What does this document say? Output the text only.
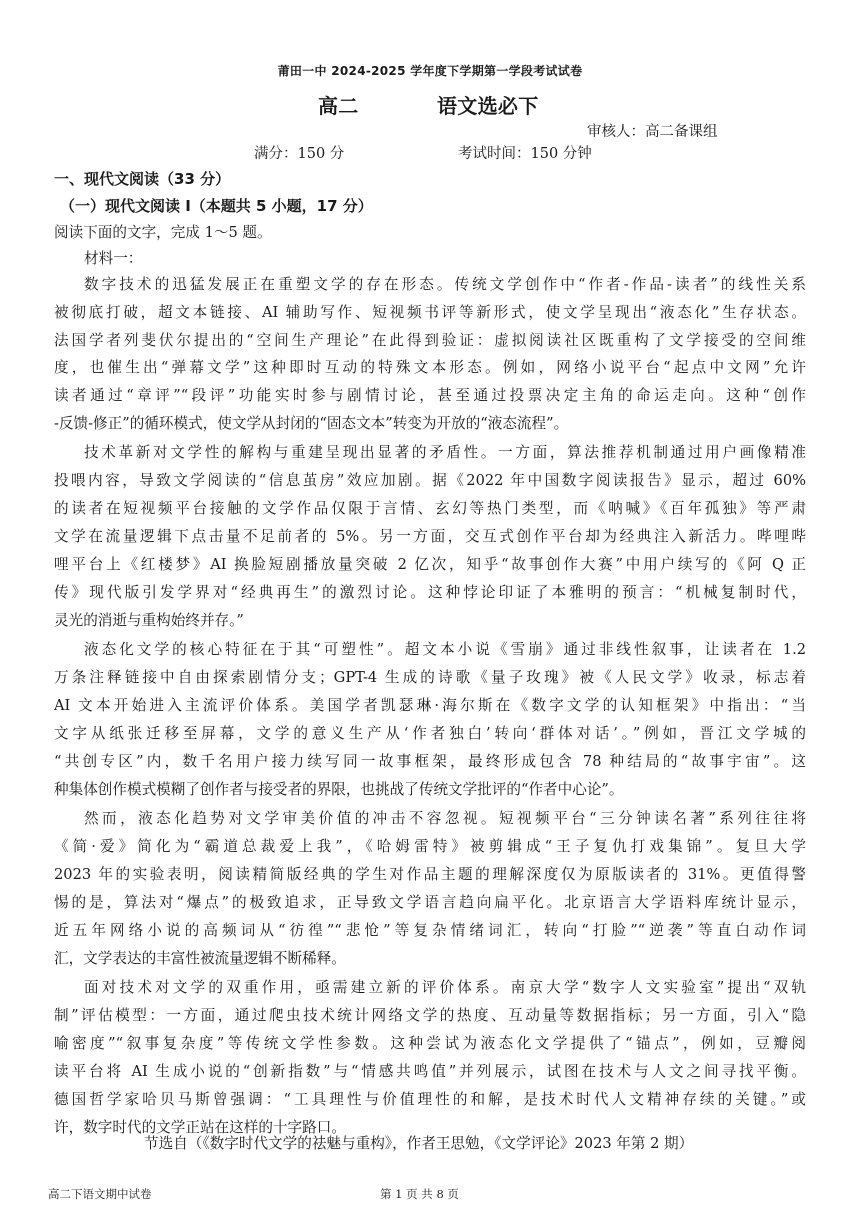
莆田一中 2024-2025 学年度下学期第一学段考试试卷
高二	语文选必下
审核人：高二备课组
满分：150 分	考试时间：150 分钟
一、现代文阅读（33 分）
（一）现代文阅读 I（本题共 5 小题，17 分）
阅读下面的文字，完成 1～5 题。
材料一：
数字技术的迅猛发展正在重塑文学的存在形态。传统文学创作中“作者-作品-读者”的线性关系
被彻底打破，超文本链接、AI 辅助写作、短视频书评等新形式，使文学呈现出“液态化”生存状态。
法国学者列斐伏尔提出的“空间生产理论”在此得到验证：虚拟阅读社区既重构了文学接受的空间维
度，也催生出“弹幕文学”这种即时互动的特殊文本形态。例如，网络小说平台“起点中文网”允许
读者通过“章评”“段评”功能实时参与剧情讨论，甚至通过投票决定主角的命运走向。这种“创作
-反馈-修正”的循环模式，使文学从封闭的“固态文本”转变为开放的“液态流程”。
技术革新对文学性的解构与重建呈现出显著的矛盾性。一方面，算法推荐机制通过用户画像精准
投喂内容，导致文学阅读的“信息茧房”效应加剧。据《2022 年中国数字阅读报告》显示，超过 60%
的读者在短视频平台接触的文学作品仅限于言情、玄幻等热门类型，而《呐喊》《百年孤独》等严肃
文学在流量逻辑下点击量不足前者的 5%。另一方面，交互式创作平台却为经典注入新活力。哔哩哔
哩平台上《红楼梦》AI 换脸短剧播放量突破 2 亿次，知乎“故事创作大赛”中用户续写的《阿 Q 正
传》现代版引发学界对“经典再生”的激烈讨论。这种悖论印证了本雅明的预言：“机械复制时代，
灵光的消逝与重构始终并存。”
液态化文学的核心特征在于其“可塑性”。超文本小说《雪崩》通过非线性叙事，让读者在 1.2
万条注释链接中自由探索剧情分支；GPT-4 生成的诗歌《量子玫瑰》被《人民文学》收录，标志着
AI 文本开始进入主流评价体系。美国学者凯瑟琳·海尔斯在《数字文学的认知框架》中指出：“当
文字从纸张迁移至屏幕，文学的意义生产从‘作者独白’转向‘群体对话’。”例如，晋江文学城的
“共创专区”内，数千名用户接力续写同一故事框架，最终形成包含 78 种结局的“故事宇宙”。这
种集体创作模式模糊了创作者与接受者的界限，也挑战了传统文学批评的“作者中心论”。
然而，液态化趋势对文学审美价值的冲击不容忽视。短视频平台“三分钟读名著”系列往往将
《简·爱》简化为“霸道总裁爱上我”，《哈姆雷特》被剪辑成“王子复仇打戏集锦”。复旦大学
2023 年的实验表明，阅读精简版经典的学生对作品主题的理解深度仅为原版读者的 31%。更值得警
惕的是，算法对“爆点”的极致追求，正导致文学语言趋向扁平化。北京语言大学语料库统计显示，
近五年网络小说的高频词从“彷徨”“悲怆”等复杂情绪词汇，转向“打脸”“逆袭”等直白动作词
汇，文学表达的丰富性被流量逻辑不断稀释。
面对技术对文学的双重作用，亟需建立新的评价体系。南京大学“数字人文实验室”提出“双轨
制”评估模型：一方面，通过爬虫技术统计网络文学的热度、互动量等数据指标；另一方面，引入“隐
喻密度”“叙事复杂度”等传统文学性参数。这种尝试为液态化文学提供了“锚点”，例如，豆瓣阅
读平台将 AI 生成小说的“创新指数”与“情感共鸣值”并列展示，试图在技术与人文之间寻找平衡。
德国哲学家哈贝马斯曾强调：“工具理性与价值理性的和解，是技术时代人文精神存续的关键。”或
许，数字时代的文学正站在这样的十字路口。
节选自（《数字时代文学的祛魅与重构》，作者王思勉，《文学评论》2023 年第 2 期）
高二下语文期中试卷	第 1 页 共 8 页
